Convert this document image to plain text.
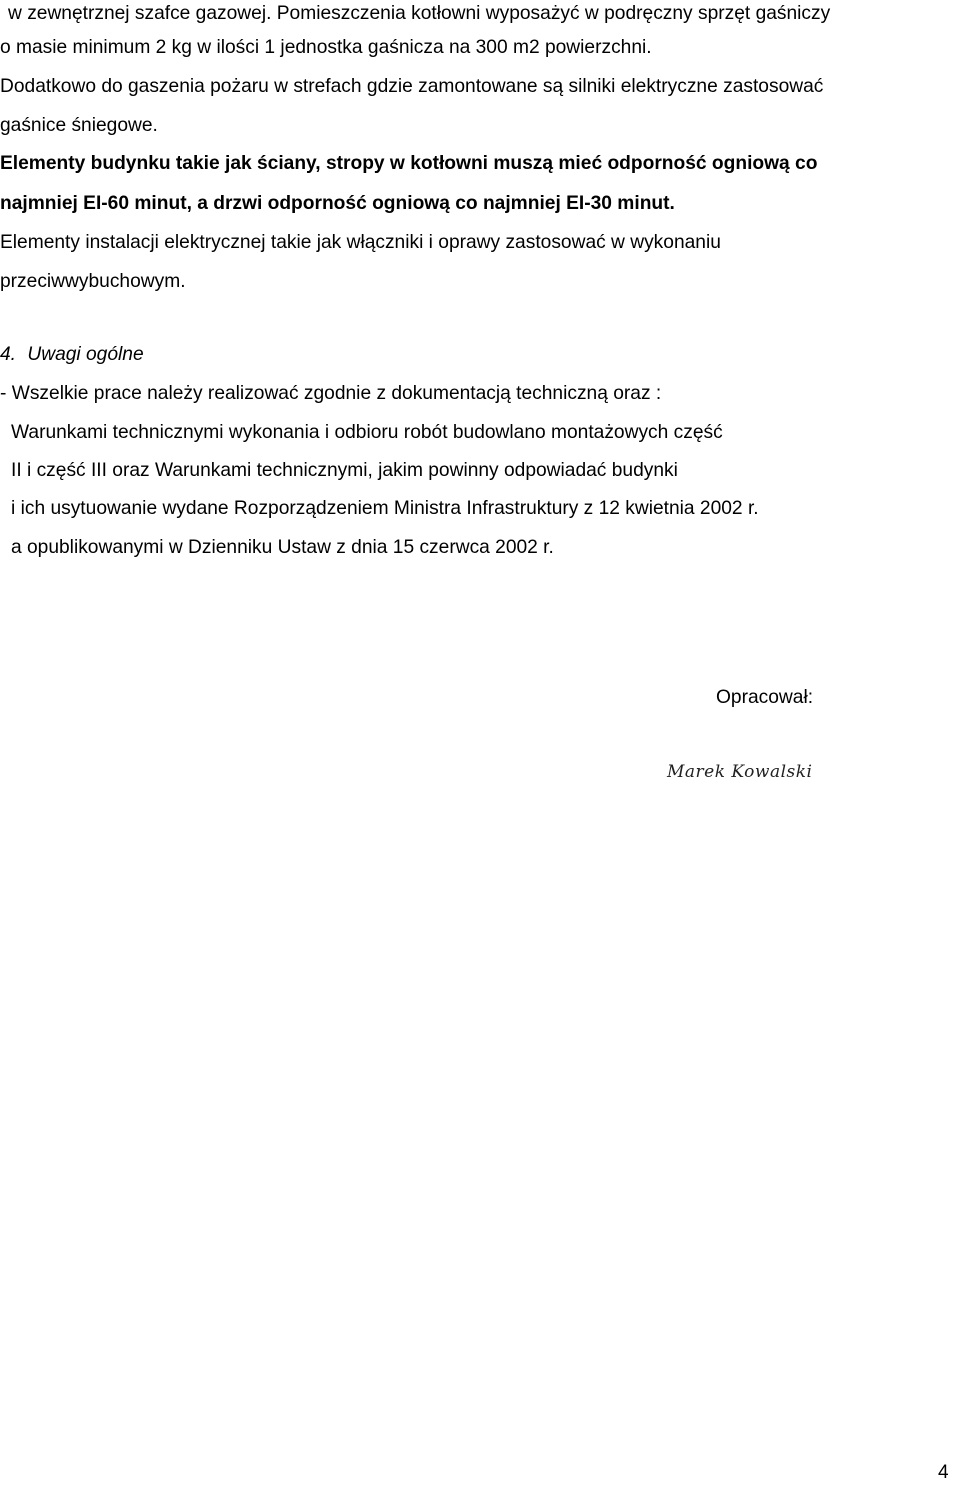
w zewnętrznej szafce gazowej. Pomieszczenia kotłowni wyposażyć w podręczny sprzęt gaśniczy
o masie minimum 2 kg w ilości 1 jednostka gaśnicza na 300 m2 powierzchni.
Dodatkowo do gaszenia pożaru w strefach gdzie zamontowane są silniki elektryczne zastosować
gaśnice śniegowe.
Elementy budynku takie jak ściany, stropy w kotłowni muszą mieć odporność ogniową co
najmniej EI-60 minut, a drzwi odporność ogniową co najmniej EI-30 minut.
Elementy instalacji elektrycznej takie jak włączniki i oprawy zastosować w wykonaniu
przeciwwybuchowym.
4. Uwagi ogólne
- Wszelkie prace należy realizować zgodnie z dokumentacją techniczną oraz :
Warunkami technicznymi wykonania i odbioru robót budowlano montażowych część
II i część III oraz Warunkami technicznymi, jakim powinny odpowiadać budynki
i ich usytuowanie wydane Rozporządzeniem Ministra Infrastruktury z 12 kwietnia 2002 r.
a opublikowanymi w Dzienniku Ustaw z dnia 15 czerwca 2002 r.
Opracował:
Marek Kowalski
4
